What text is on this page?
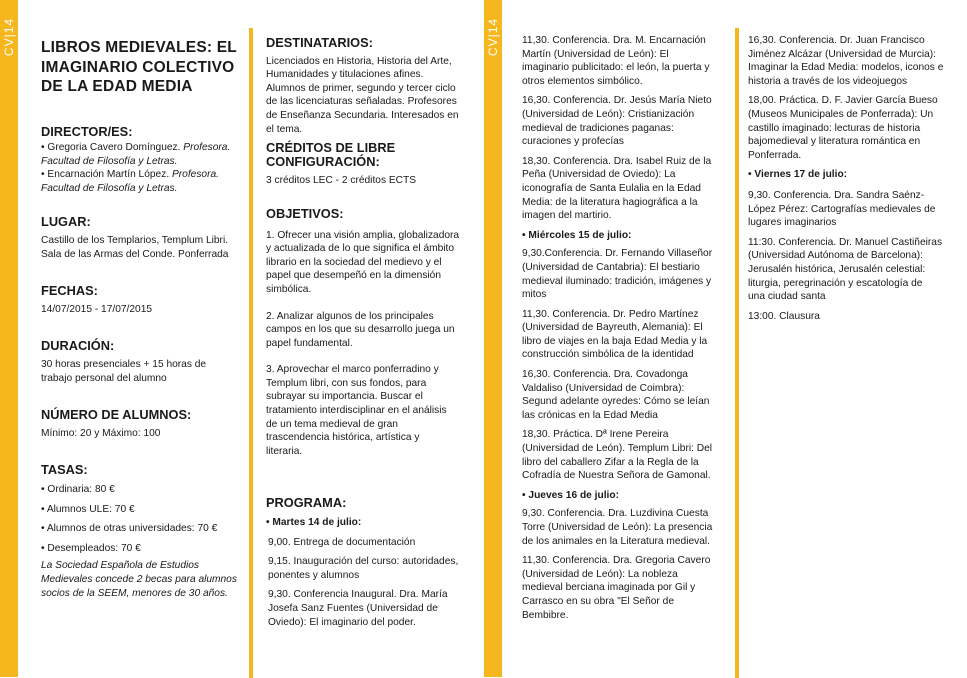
CV|14	CV|14
LIBROS MEDIEVALES: EL
IMAGINARIO COLECTIVO
DE LA EDAD MEDIA

DIRECTOR/ES:

• Gregoria Cavero Domínguez. Profesora.

Facultad de Filosofía y Letras.

• Encarnación Martín López. Profesora.

Facultad de Filosofía y Letras.

LUGAR:

Castillo de los Templarios, Templum Libri.

Sala de las Armas del Conde. Ponferrada

FECHAS:

14/07/2015 - 17/07/2015

DURACIÓN:

30 horas presenciales + 15 horas de

trabajo personal del alumno

NÚMERO DE ALUMNOS:

Mínimo: 20 y Máximo: 100

TASAS:

• Ordinaria: 80 €

• Alumnos ULE: 70 €

• Alumnos de otras universidades: 70 €

• Desempleados: 70 €

La Sociedad Española de Estudios

Medievales concede 2 becas para alumnos

socios de la SEEM, menores de 30 años.

DESTINATARIOS:

Licenciados en Historia, Historia del Arte,

Humanidades y titulaciones afines.

Alumnos de primer, segundo y tercer ciclo

de las licenciaturas señaladas. Profesores

de Enseñanza Secundaria. Interesados en

el tema.

CRÉDITOS DE LIBRE CONFIGURACIÓN:

3 créditos LEC - 2 créditos ECTS

OBJETIVOS:

1. Ofrecer una visión amplia, globalizadora

y actualizada de lo que significa el ámbito

librario en la sociedad del medievo y el

papel que desempeñó en la dimensión

simbólica.

2. Analizar algunos de los principales

campos en los que su desarrollo juega un

papel fundamental.

3. Aprovechar el marco ponferradino y

Templum libri, con sus fondos, para

subrayar su importancia. Buscar el

tratamiento interdisciplinar en el análisis

de un tema medieval de gran

trascendencia histórica, artística y

literaria.

PROGRAMA:

• Martes 14 de julio:

9,00. Entrega de documentación

9,15. Inauguración del curso: autoridades,

ponentes y alumnos

9,30. Conferencia Inaugural. Dra. María

Josefa Sanz Fuentes (Universidad de

Oviedo): El imaginario del poder.

11,30. Conferencia. Dra. M. Encarnación

Martín (Universidad de León): El

imaginario publicitado: el león, la puerta y

otros elementos simbólico.

16,30. Conferencia. Dr. Jesús María Nieto

(Universidad de León): Cristianización

medieval de tradiciones paganas:

curaciones y profecías

18,30. Conferencia. Dra. Isabel Ruiz de la

Peña (Universidad de Oviedo): La

iconografía de Santa Eulalia en la Edad

Media: de la literatura hagiográfica a la

imagen del martirio.

• Miércoles 15 de julio:

9,30.Conferencia. Dr. Fernando Villaseñor

(Universidad de Cantabria): El bestiario

medieval iluminado: tradición, imágenes y

mitos

11,30. Conferencia. Dr. Pedro Martínez

(Universidad de Bayreuth, Alemania): El

libro de viajes en la baja Edad Media y la

construcción simbólica de la identidad

16,30. Conferencia. Dra. Covadonga

Valdaliso (Universidad de Coimbra):

Segund adelante oyredes: Cómo se leían

las crónicas en la Edad Media

18,30. Práctica. Dª Irene Pereira

(Universidad de León). Templum Libri: Del

libro del caballero Zifar a la Regla de la

Cofradía de Nuestra Señora de Gamonal.

• Jueves 16 de julio:

9,30. Conferencia. Dra. Luzdivina Cuesta

Torre (Universidad de León): La presencia

de los animales en la Literatura medieval.

11,30. Conferencia. Dra. Gregoria Cavero

(Universidad de León): La nobleza

medieval berciana imaginada por Gil y

Carrasco en su obra "El Señor de

Bembibre.

16,30. Conferencia. Dr. Juan Francisco

Jiménez Alcázar (Universidad de Murcia):

Imaginar la Edad Media: modelos, iconos e

historia a través de los videojuegos

18,00. Práctica. D. F. Javier García Bueso

(Museos Municipales de Ponferrada): Un

castillo imaginado: lecturas de historia

bajomedieval y literatura romántica en

Ponferrada.

• Viernes 17 de julio:

9,30. Conferencia. Dra. Sandra Saénz-

López Pérez: Cartografías medievales de

lugares imaginarios

11:30. Conferencia. Dr. Manuel Castiñeiras

(Universidad Autónoma de Barcelona):

Jerusalén histórica, Jerusalén celestial:

liturgia, peregrinación y escatología de

una ciudad santa

13:00. Clausura
